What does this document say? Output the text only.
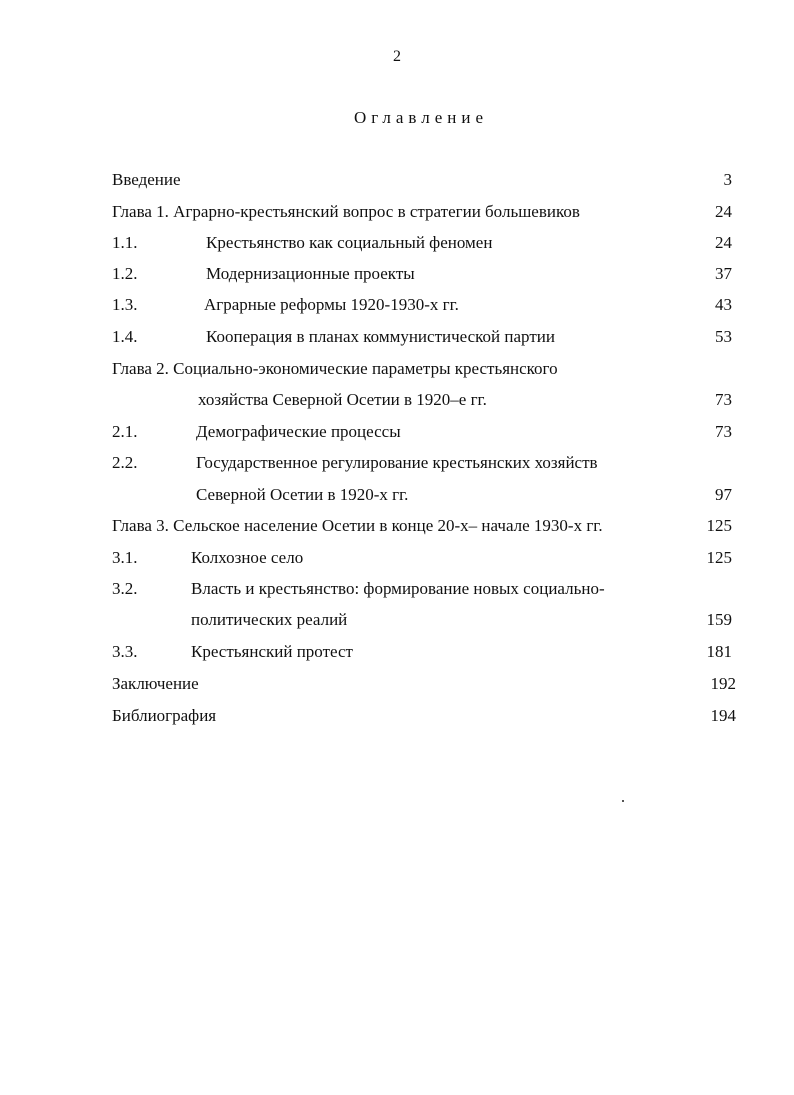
2
Оглавление
Введение	3
Глава 1. Аграрно-крестьянский вопрос в стратегии большевиков	24
1.1.	Крестьянство как социальный феномен	24
1.2.	Модернизационные проекты	37
1.3.	Аграрные реформы 1920-1930-х гг.	43
1.4.	Кооперация в планах коммунистической партии	53
Глава 2. Социально-экономические параметры крестьянского
хозяйства Северной Осетии в 1920–е гг.	73
2.1.	Демографические процессы	73
2.2.	Государственное регулирование крестьянских хозяйств
Северной Осетии в 1920-х гг.	97
Глава 3. Сельское население Осетии в конце 20-х– начале 1930-х гг.	125
3.1.	Колхозное село	125
3.2.	Власть и крестьянство: формирование новых социально-
политических реалий	159
3.3.	Крестьянский протест	181
Заключение	192
Библиография	194
